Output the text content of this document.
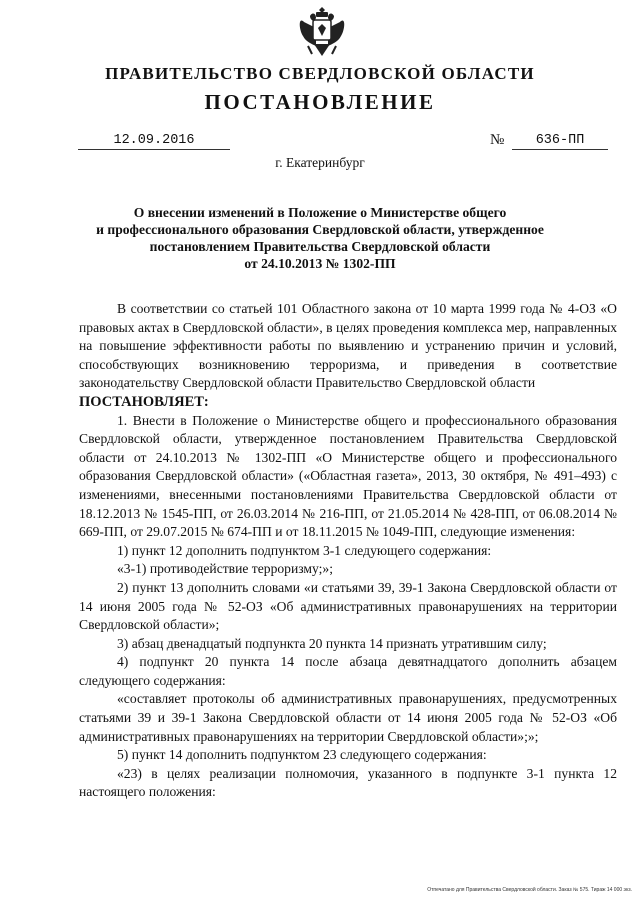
ПРАВИТЕЛЬСТВО СВЕРДЛОВСКОЙ ОБЛАСТИ
ПОСТАНОВЛЕНИЕ
12.09.2016	№	636-ПП
г. Екатеринбург
О внесении изменений в Положение о Министерстве общего
и профессионального образования Свердловской области, утвержденное
постановлением Правительства Свердловской области
от 24.10.2013 № 1302-ПП

В соответствии со статьей 101 Областного закона от 10 марта 1999 года № 4-ОЗ «О правовых актах в Свердловской области», в целях проведения комплекса мер, направленных на повышение эффективности работы по выявлению и устранению причин и условий, способствующих возникновению терроризма, и приведения в соответствие законодательству Свердловской области Правительство Свердловской области

ПОСТАНОВЛЯЕТ:

1. Внести в Положение о Министерстве общего и профессионального образования Свердловской области, утвержденное постановлением Правительства Свердловской области от 24.10.2013 № 1302-ПП «О Министерстве общего и профессионального образования Свердловской области» («Областная газета», 2013, 30 октября, № 491–493) с изменениями, внесенными постановлениями Правительства Свердловской области от 18.12.2013 № 1545-ПП, от 26.03.2014 № 216-ПП, от 21.05.2014 № 428-ПП, от 06.08.2014 № 669-ПП, от 29.07.2015 № 674-ПП и от 18.11.2015 № 1049-ПП, следующие изменения:

1) пункт 12 дополнить подпунктом 3-1 следующего содержания:

«3-1) противодействие терроризму;»;

2) пункт 13 дополнить словами «и статьями 39, 39-1 Закона Свердловской области от 14 июня 2005 года № 52-ОЗ «Об административных правонарушениях на территории Свердловской области»;

3) абзац двенадцатый подпункта 20 пункта 14 признать утратившим силу;

4) подпункт 20 пункта 14 после абзаца девятнадцатого дополнить абзацем следующего содержания:

«составляет протоколы об административных правонарушениях, предусмотренных статьями 39 и 39-1 Закона Свердловской области от 14 июня 2005 года № 52-ОЗ «Об административных правонарушениях на территории Свердловской области»;»;

5) пункт 14 дополнить подпунктом 23 следующего содержания:

«23) в целях реализации полномочия, указанного в подпункте 3-1 пункта 12 настоящего положения:

Отпечатано для Правительства Свердловской области. Заказ № 575. Тираж 14 000 экз.
